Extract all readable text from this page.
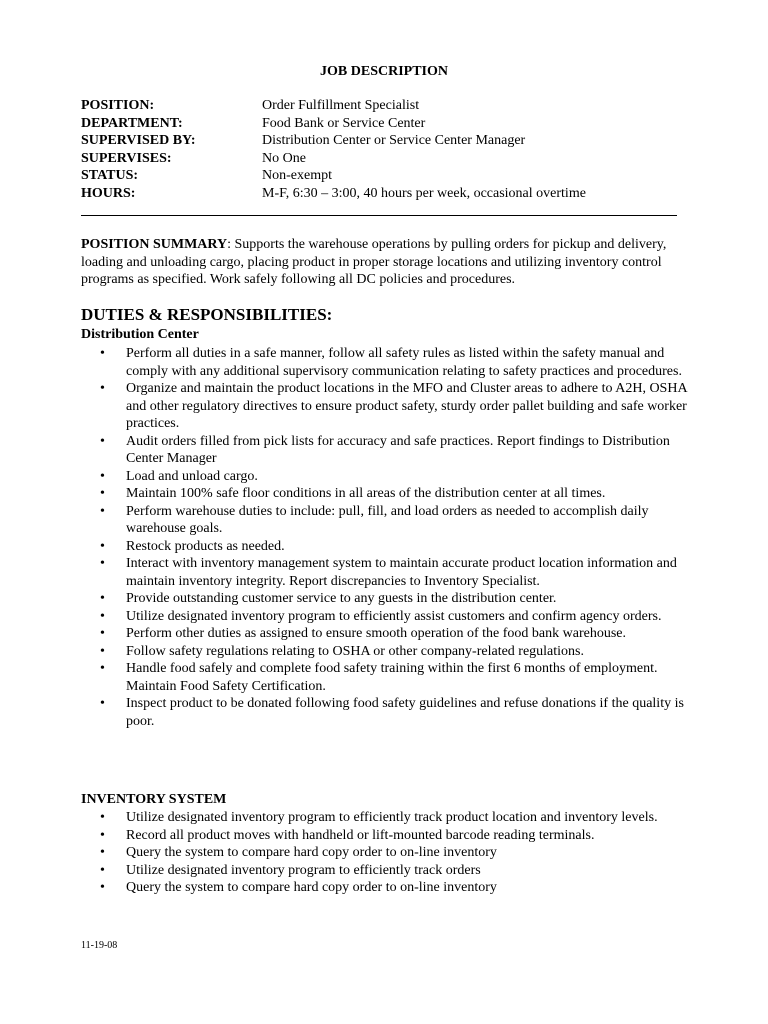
JOB DESCRIPTION
POSITION:	Order Fulfillment Specialist
DEPARTMENT:	Food Bank or Service Center
SUPERVISED BY:	Distribution Center or Service Center Manager
SUPERVISES:	No One
STATUS:	Non-exempt
HOURS:	M-F, 6:30 – 3:00, 40 hours per week, occasional overtime
POSITION SUMMARY: Supports the warehouse operations by pulling orders for pickup and delivery, loading and unloading cargo, placing product in proper storage locations and utilizing inventory control programs as specified. Work safely following all DC policies and procedures.
DUTIES & RESPONSIBILITIES:
Distribution Center
•	Perform all duties in a safe manner, follow all safety rules as listed within the safety manual and comply with any additional supervisory communication relating to safety practices and procedures.
•	Organize and maintain the product locations in the MFO and Cluster areas to adhere to A2H, OSHA and other regulatory directives to ensure product safety, sturdy order pallet building and safe worker practices.
•	Audit orders filled from pick lists for accuracy and safe practices. Report findings to Distribution Center Manager
•	Load and unload cargo.
•	Maintain 100% safe floor conditions in all areas of the distribution center at all times.
•	Perform warehouse duties to include: pull, fill, and load orders as needed to accomplish daily warehouse goals.
•	Restock products as needed.
•	Interact with inventory management system to maintain accurate product location information and maintain inventory integrity. Report discrepancies to Inventory Specialist.
•	Provide outstanding customer service to any guests in the distribution center.
•	Utilize designated inventory program to efficiently assist customers and confirm agency orders.
•	Perform other duties as assigned to ensure smooth operation of the food bank warehouse.
•	Follow safety regulations relating to OSHA or other company-related regulations.
•	Handle food safely and complete food safety training within the first 6 months of employment. Maintain Food Safety Certification.
•	Inspect product to be donated following food safety guidelines and refuse donations if the quality is poor.
INVENTORY SYSTEM
•	Utilize designated inventory program to efficiently track product location and inventory levels.
•	Record all product moves with handheld or lift-mounted barcode reading terminals.
•	Query the system to compare hard copy order to on-line inventory
•	Utilize designated inventory program to efficiently track orders
•	Query the system to compare hard copy order to on-line inventory
11-19-08
